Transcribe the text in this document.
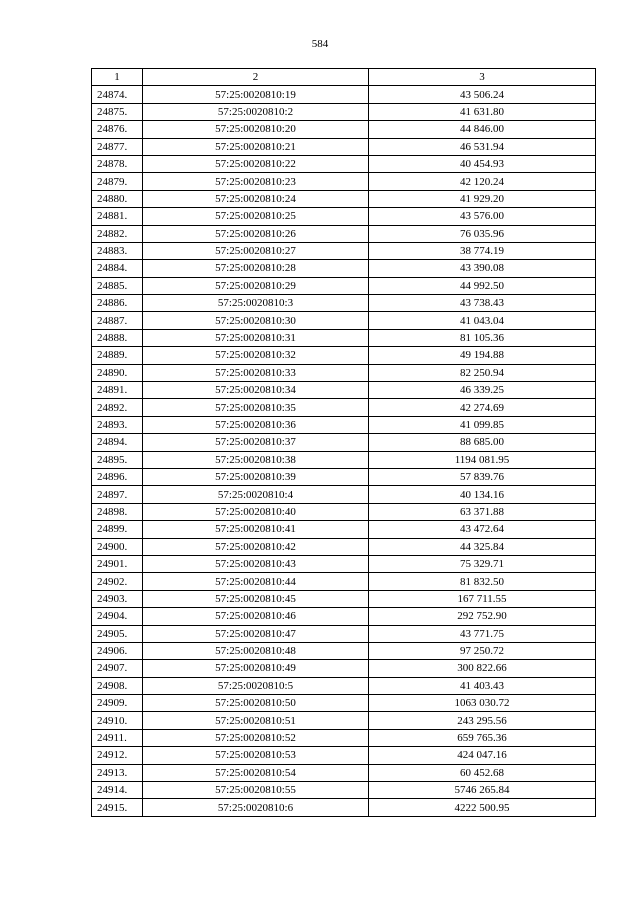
584
1	2	3
24874.	57:25:0020810:19	43 506.24
24875.	57:25:0020810:2	41 631.80
24876.	57:25:0020810:20	44 846.00
24877.	57:25:0020810:21	46 531.94
24878.	57:25:0020810:22	40 454.93
24879.	57:25:0020810:23	42 120.24
24880.	57:25:0020810:24	41 929.20
24881.	57:25:0020810:25	43 576.00
24882.	57:25:0020810:26	76 035.96
24883.	57:25:0020810:27	38 774.19
24884.	57:25:0020810:28	43 390.08
24885.	57:25:0020810:29	44 992.50
24886.	57:25:0020810:3	43 738.43
24887.	57:25:0020810:30	41 043.04
24888.	57:25:0020810:31	81 105.36
24889.	57:25:0020810:32	49 194.88
24890.	57:25:0020810:33	82 250.94
24891.	57:25:0020810:34	46 339.25
24892.	57:25:0020810:35	42 274.69
24893.	57:25:0020810:36	41 099.85
24894.	57:25:0020810:37	88 685.00
24895.	57:25:0020810:38	1194 081.95
24896.	57:25:0020810:39	57 839.76
24897.	57:25:0020810:4	40 134.16
24898.	57:25:0020810:40	63 371.88
24899.	57:25:0020810:41	43 472.64
24900.	57:25:0020810:42	44 325.84
24901.	57:25:0020810:43	75 329.71
24902.	57:25:0020810:44	81 832.50
24903.	57:25:0020810:45	167 711.55
24904.	57:25:0020810:46	292 752.90
24905.	57:25:0020810:47	43 771.75
24906.	57:25:0020810:48	97 250.72
24907.	57:25:0020810:49	300 822.66
24908.	57:25:0020810:5	41 403.43
24909.	57:25:0020810:50	1063 030.72
24910.	57:25:0020810:51	243 295.56
24911.	57:25:0020810:52	659 765.36
24912.	57:25:0020810:53	424 047.16
24913.	57:25:0020810:54	60 452.68
24914.	57:25:0020810:55	5746 265.84
24915.	57:25:0020810:6	4222 500.95
